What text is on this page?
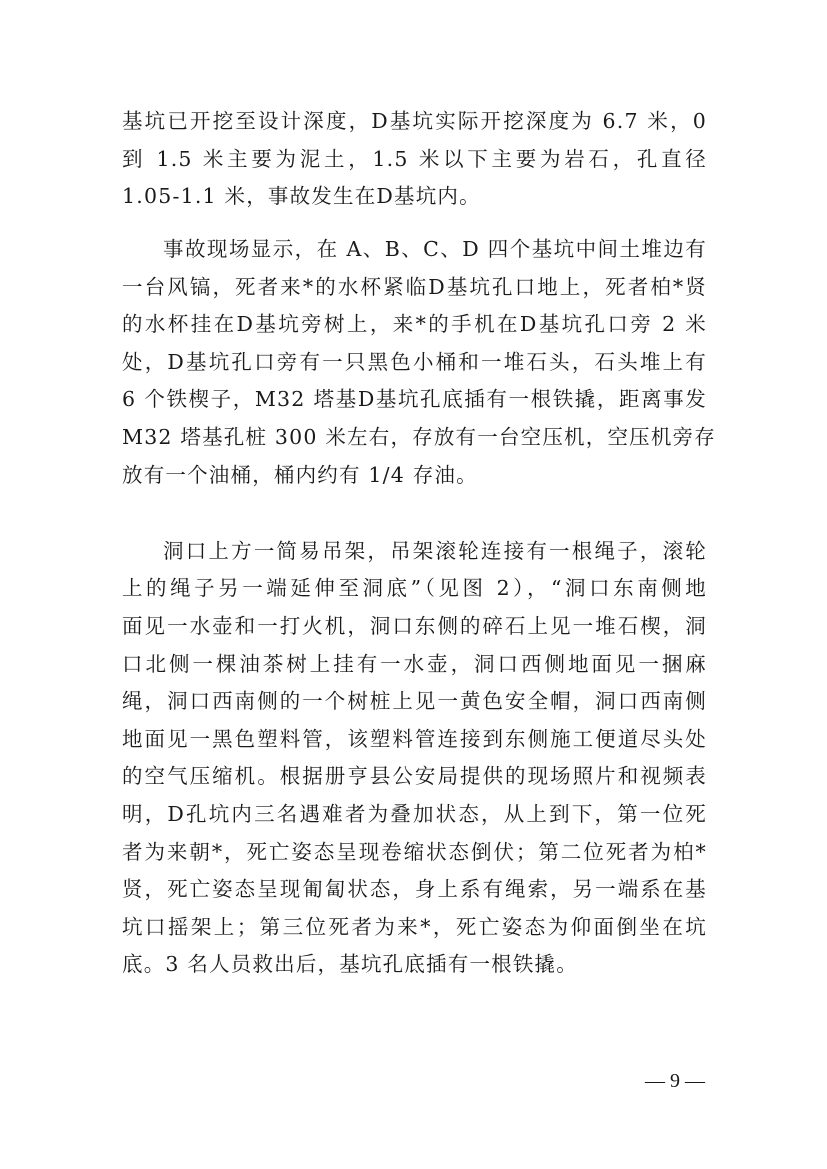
基坑已开挖至设计深度，D基坑实际开挖深度为 6.7 米，0
到 1.5 米主要为泥土，1.5 米以下主要为岩石，孔直径
1.05-1.1 米，事故发生在D基坑内。
事故现场显示，在 A、B、C、D 四个基坑中间土堆边有
一台风镐，死者来*的水杯紧临D基坑孔口地上，死者柏*贤
的水杯挂在D基坑旁树上，来*的手机在D基坑孔口旁 2 米
处，D基坑孔口旁有一只黑色小桶和一堆石头，石头堆上有
6 个铁楔子，M32 塔基D基坑孔底插有一根铁撬，距离事发
M32 塔基孔桩 300 米左右，存放有一台空压机，空压机旁存
放有一个油桶，桶内约有 1/4 存油。
洞口上方一简易吊架，吊架滚轮连接有一根绳子，滚轮
上的绳子另一端延伸至洞底”（见图 2），“洞口东南侧地
面见一水壶和一打火机，洞口东侧的碎石上见一堆石楔，洞
口北侧一棵油茶树上挂有一水壶，洞口西侧地面见一捆麻
绳，洞口西南侧的一个树桩上见一黄色安全帽，洞口西南侧
地面见一黑色塑料管，该塑料管连接到东侧施工便道尽头处
的空气压缩机。根据册亨县公安局提供的现场照片和视频表
明，D孔坑内三名遇难者为叠加状态，从上到下，第一位死
者为来朝*，死亡姿态呈现卷缩状态倒伏；第二位死者为柏*
贤，死亡姿态呈现匍匐状态，身上系有绳索，另一端系在基
坑口摇架上；第三位死者为来*，死亡姿态为仰面倒坐在坑
底。3 名人员救出后，基坑孔底插有一根铁撬。
— 9 —
